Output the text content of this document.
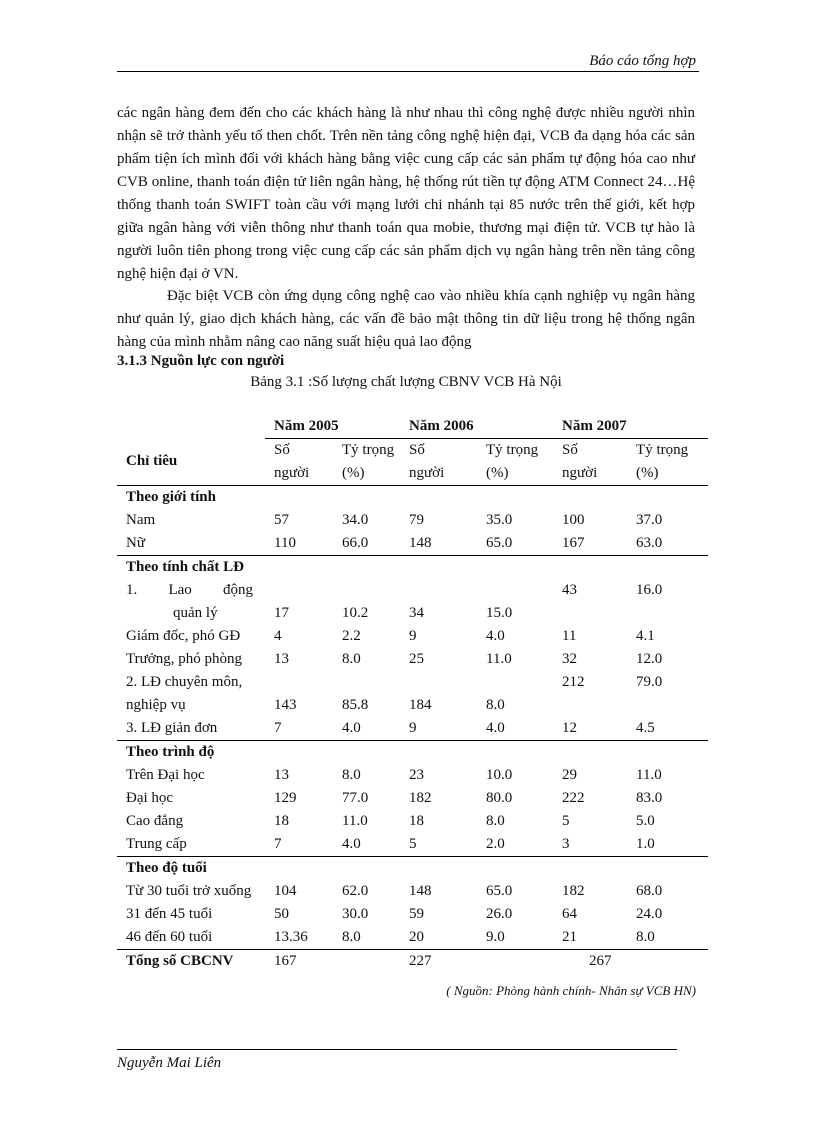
Báo cáo tổng hợp

các ngân hàng đem đến cho các khách hàng là như nhau thì công nghệ được nhiều người nhìn nhận sẽ trở thành yếu tố then chốt. Trên nền tảng công nghệ hiện đại, VCB đa dạng hóa các sản phẩm tiện ích mình đối với khách hàng bằng việc cung cấp các sản phẩm tự động hóa cao như CVB online, thanh toán điện tử liên ngân hàng, hệ thống rút tiền tự động ATM Connect 24…Hệ thống thanh toán SWIFT toàn cầu với mạng lưới chi nhánh tại 85 nước trên thế giới, kết hợp giữa ngân hàng với viễn thông như thanh toán qua mobie, thương mại điện tử. VCB tự hào là người luôn tiên phong trong việc cung cấp các sản phẩm dịch vụ ngân hàng trên nền tảng công nghệ hiện đại ở VN.

Đặc biệt VCB còn ứng dụng công nghệ cao vào nhiều khía cạnh nghiệp vụ ngân hàng như quản lý, giao dịch khách hàng, các vấn đề bảo mật thông tin dữ liệu trong hệ thống ngân hàng của mình nhằm nâng cao năng suất hiệu quả lao động

3.1.3 Nguồn lực con người
Bảng 3.1 :Số lượng chất lượng CBNV VCB Hà Nội
	Năm 2005		Năm 2006		Năm 2007	
Chỉ tiêu	Số	Tỷ trọng	Số	Tỷ trọng	Số	Tỷ trọng
	người	(%)	người	(%)	người	(%)
Theo giới tính						
Nam	57	34.0	79	35.0	100	37.0
Nữ	110	66.0	148	65.0	167	63.0
Theo tính chất LĐ						

1. Lao động					43	16.0
quản lý	17	10.2	34	15.0		
Giám đốc, phó GĐ	4	2.2	9	4.0	11	4.1
Trưởng, phó phòng	13	8.0	25	11.0	32	12.0
2. LĐ chuyên môn,					212	79.0
nghiệp vụ	143	85.8	184	8.0		
3. LĐ giản đơn	7	4.0	9	4.0	12	4.5
Theo trình độ						
Trên Đại học	13	8.0	23	10.0	29	11.0
Đại học	129	77.0	182	80.0	222	83.0
Cao đẳng	18	11.0	18	8.0	5	5.0
Trung cấp	7	4.0	5	2.0	3	1.0
Theo độ tuổi						
Từ 30 tuổi trở xuống	104	62.0	148	65.0	182	68.0
31 đến 45 tuổi	50	30.0	59	26.0	64	24.0
46 đến 60 tuổi	13.36	8.0	20	9.0	21	8.0
Tổng số CBCNV	167		227		267	
( Nguồn: Phòng hành chính- Nhân sự VCB HN)
Nguyễn Mai Liên
